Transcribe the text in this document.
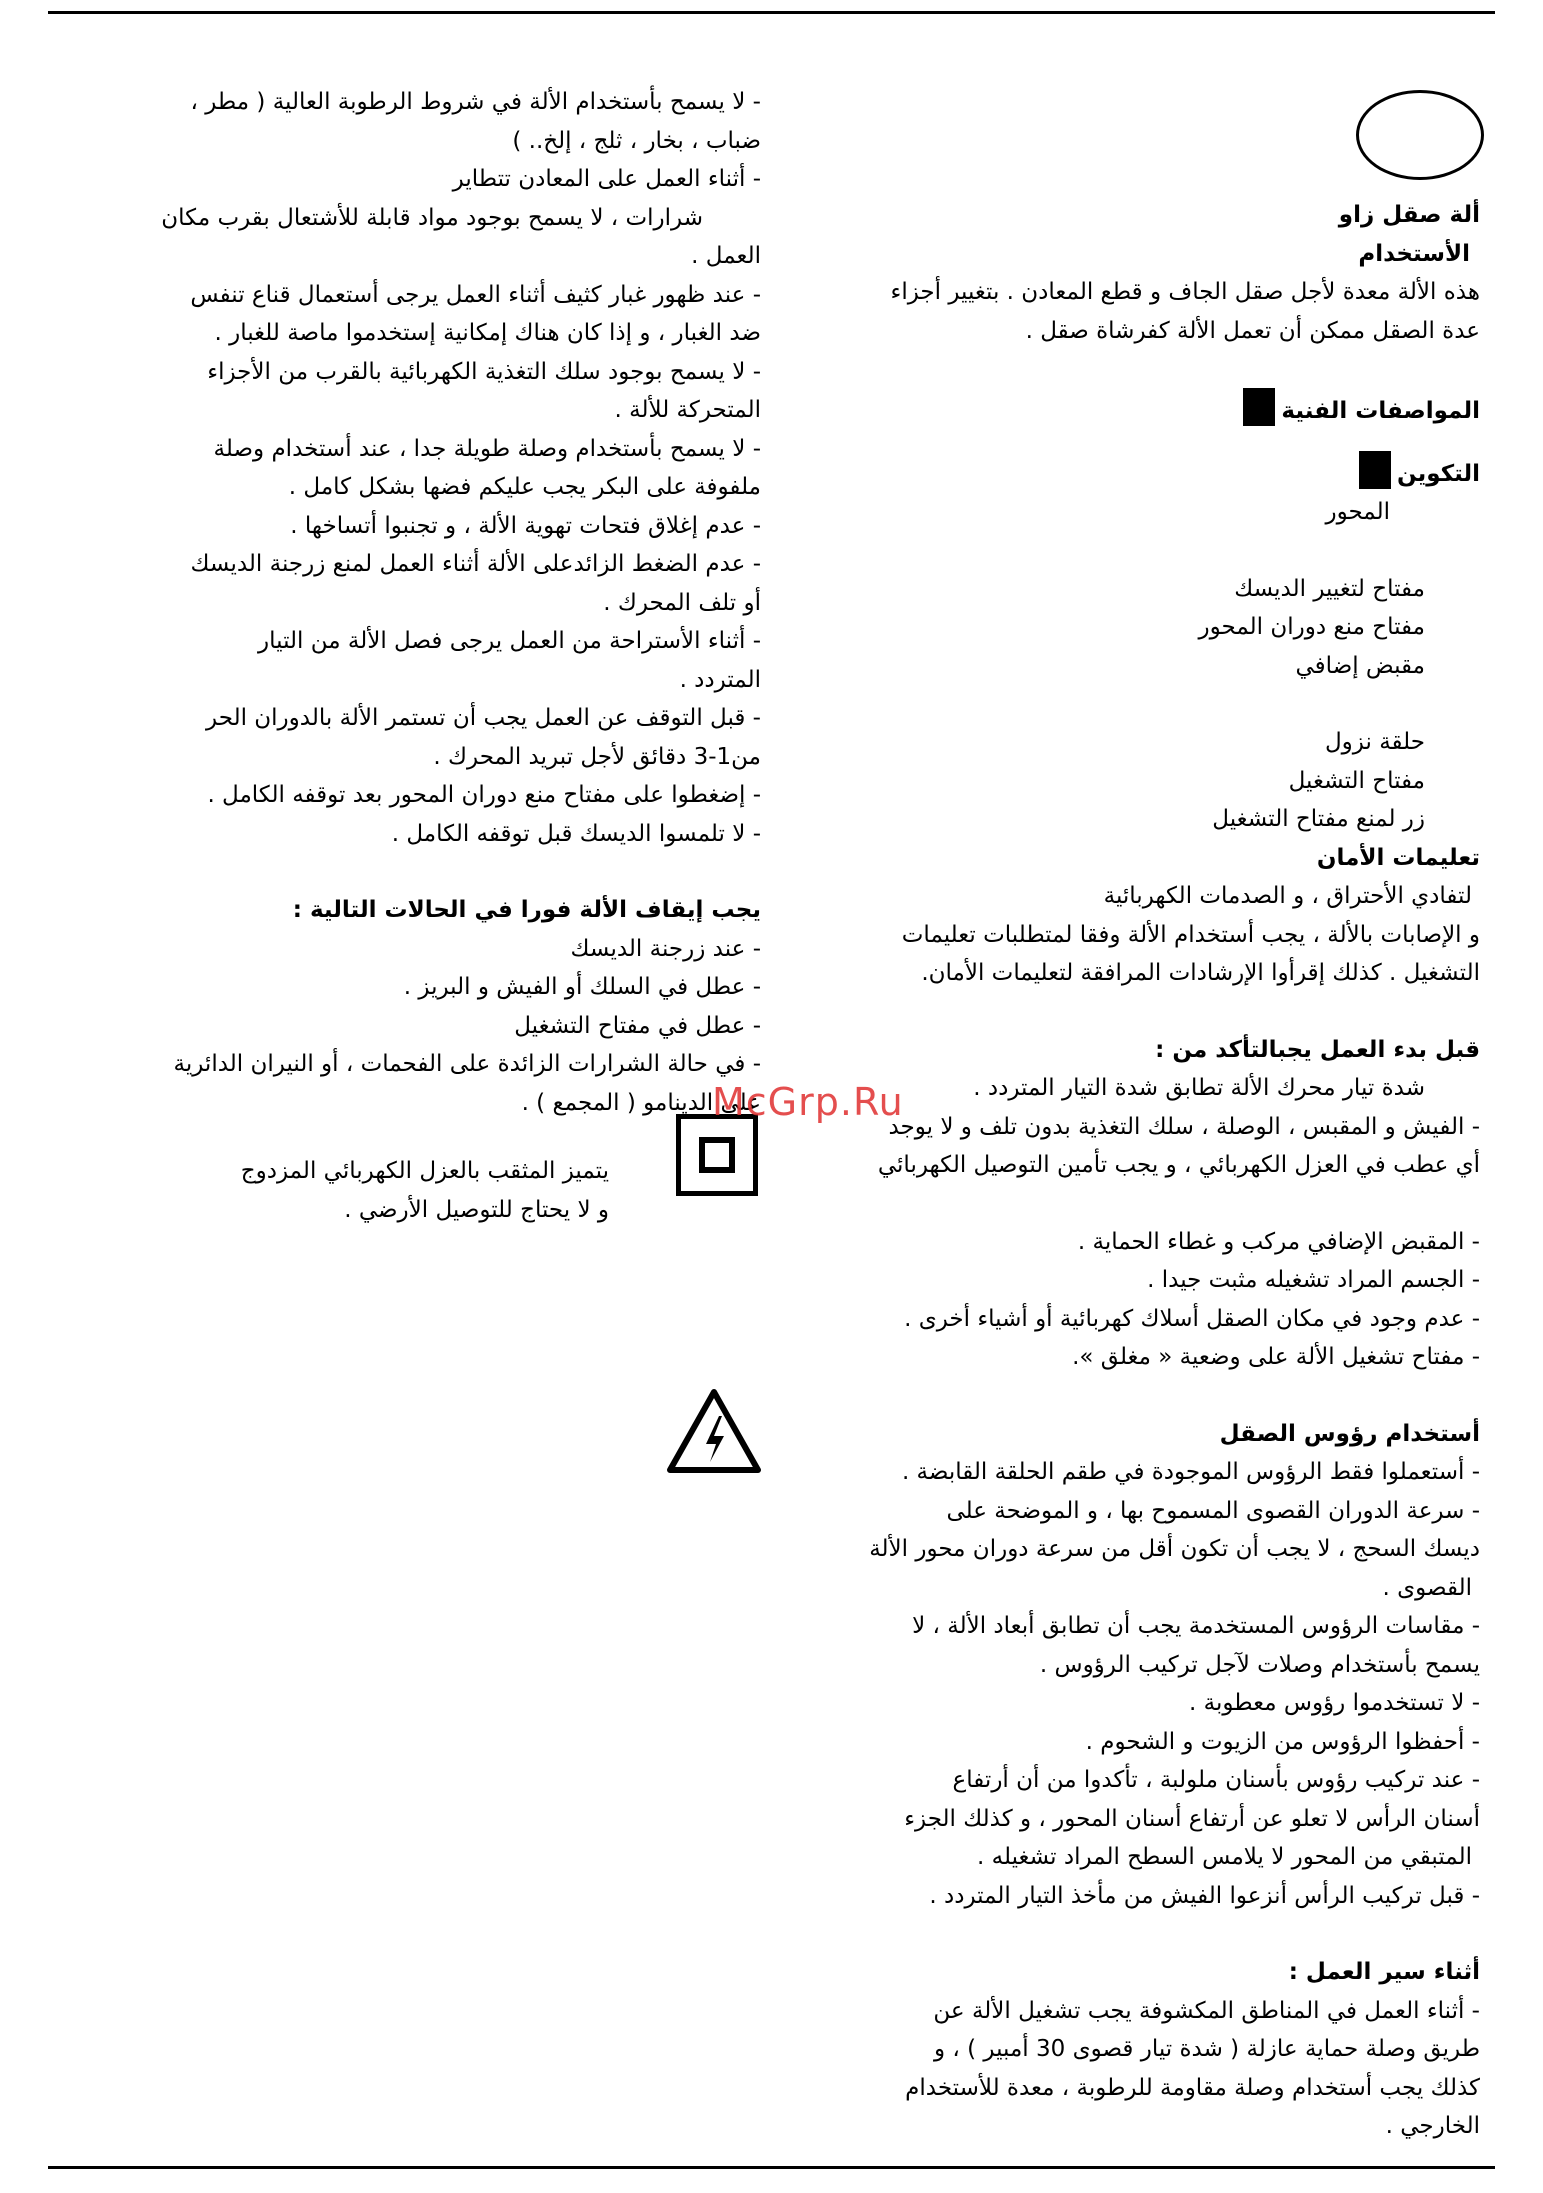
- لا يسمح بأستخدام الألة في شروط الرطوبة العالية ( مطر ،

ضباب ، بخار ، ثلج ، إلخ.. )

- أثناء العمل على المعادن تتطاير

شرارات ، لا يسمح بوجود مواد قابلة للأشتعال بقرب مكان

العمل .

- عند ظهور غبار كثيف أثناء العمل يرجى أستعمال قناع تنفس

ضد الغبار ، و إذا كان هناك إمكانية إستخدموا ماصة للغبار .

- لا يسمح بوجود سلك التغذية الكهربائية بالقرب من الأجزاء

المتحركة للألة .

- لا يسمح بأستخدام وصلة طويلة جدا ، عند أستخدام وصلة

ملفوفة على البكر يجب عليكم فضها بشكل كامل .

- عدم إغلاق فتحات تهوية الألة ، و تجنبوا أتساخها .

- عدم الضغط الزائدعلى الألة أثناء العمل لمنع زرجنة الديسك

أو تلف المحرك .

- أثناء الأستراحة من العمل يرجى فصل الألة من التيار

المتردد .

- قبل التوقف عن العمل يجب أن تستمر الألة بالدوران الحر

من1-3 دقائق لأجل تبريد المحرك .

- إضغطوا على مفتاح منع دوران المحور بعد توقفه الكامل .

- لا تلمسوا الديسك قبل توقفه الكامل .

يجب إيقاف الألة فورا في الحالات التالية :

- عند زرجنة الديسك

- عطل في السلك أو الفيش و البريز .

- عطل في مفتاح التشغيل

- في حالة الشرارات الزائدة على الفحمات ، أو النيران الدائرية

على الدينامو ( المجمع ) .

ألة صقل زاو

الأستخدام

هذه الألة معدة لأجل صقل الجاف و قطع المعادن . بتغيير أجزاء

عدة الصقل ممكن أن تعمل الألة كفرشاة صقل .

المواصفات الفنية

التكوين

المحور

مفتاح لتغيير الديسك

مفتاح منع دوران المحور

مقبض إضافي

حلقة نزول

مفتاح التشغيل

زر لمنع مفتاح التشغيل

تعليمات الأمان

لتفادي الأحتراق ، و الصدمات الكهربائية

و الإصابات بالألة ، يجب أستخدام الألة وفقا لمتطلبات تعليمات

التشغيل . كذلك إقرأوا الإرشادات المرافقة لتعليمات الأمان.

قبل بدء العمل يجبالتأكد من :

شدة تيار محرك الألة تطابق شدة التيار المتردد .

- الفيش و المقبس ، الوصلة ، سلك التغذية بدون تلف و لا يوجد

أي عطب في العزل الكهربائي ، و يجب تأمين التوصيل الكهربائي

- المقبض الإضافي مركب و غطاء الحماية .

- الجسم المراد تشغيله مثبت جيدا .

- عدم وجود في مكان الصقل أسلاك كهربائية أو أشياء أخرى .

- مفتاح تشغيل الألة على وضعية « مغلق ».

أستخدام رؤوس الصقل

- أستعملوا فقط الرؤوس الموجودة في طقم الحلقة القابضة .

- سرعة الدوران القصوى المسموح بها ، و الموضحة على

ديسك السحج ، لا يجب أن تكون أقل من سرعة دوران محور الألة

القصوى .

- مقاسات الرؤوس المستخدمة يجب أن تطابق أبعاد الألة ، لا

يسمح بأستخدام وصلات لآجل تركيب الرؤوس .

- لا تستخدموا رؤوس معطوبة .

- أحفظوا الرؤوس من الزيوت و الشحوم .

- عند تركيب رؤوس بأسنان ملولبة ، تأكدوا من أن أرتفاع

أسنان الرأس لا تعلو عن أرتفاع أسنان المحور ، و كذلك الجزء

المتبقي من المحور لا يلامس السطح المراد تشغيله .

- قبل تركيب الرأس أنزعوا الفيش من مأخذ التيار المتردد .

أثناء سير العمل :

- أثناء العمل في المناطق المكشوفة يجب تشغيل الألة عن

طريق وصلة حماية عازلة ( شدة تيار قصوى 30 أمبير ) ، و

كذلك يجب أستخدام وصلة مقاومة للرطوبة ، معدة للأستخدام

الخارجي .

يتميز المثقب بالعزل الكهربائي المزدوج

و لا يحتاج للتوصيل الأرضي .

McGrp.Ru
